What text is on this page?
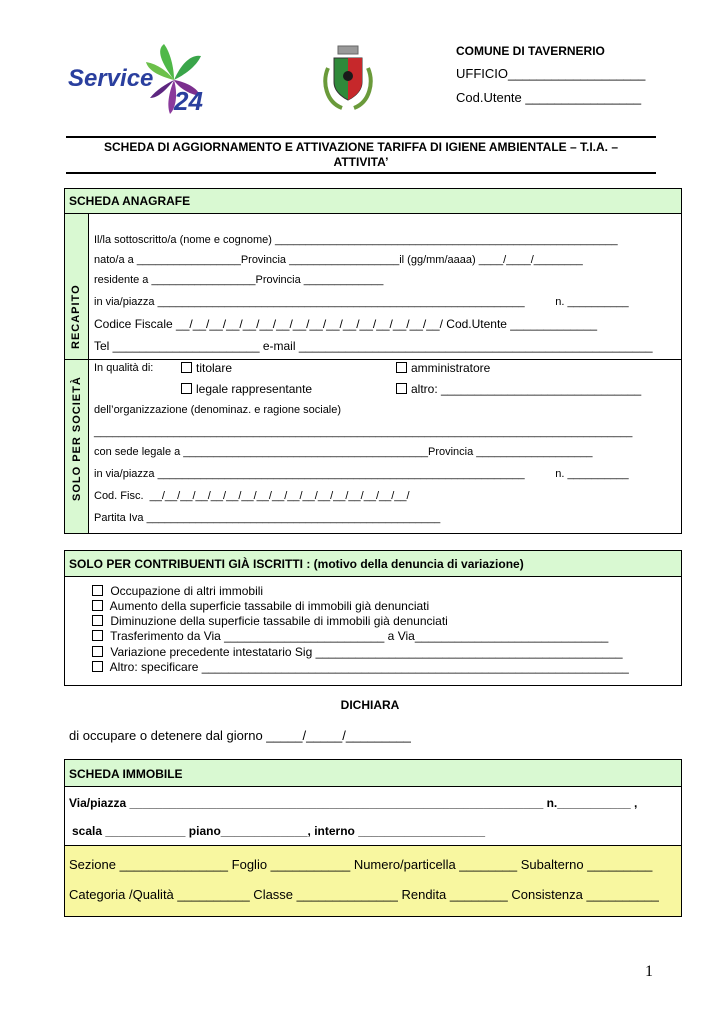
Service
24
COMUNE DI TAVERNERIO
UFFICIO___________________
Cod.Utente ________________
SCHEDA DI AGGIORNAMENTO E ATTIVAZIONE TARIFFA DI IGIENE AMBIENTALE – T.I.A. –
ATTIVITA’
SCHEDA ANAGRAFE
RECAPITO
SOLO PER SOCIETÀ
Il/la sottoscritto/a (nome e cognome) ________________________________________________________
nato/a a _________________Provincia __________________il (gg/mm/aaaa) ____/____/________
residente a _________________Provincia _____________
in via/piazza ____________________________________________________________          n. __________
Codice Fiscale __/__/__/__/__/__/__/__/__/__/__/__/__/__/__/__/ Cod.Utente _____________
Tel ______________________ e-mail _____________________________________________________
In qualità di:	titolare	amministratore
legale rappresentante	altro: ______________________________
dell’organizzazione (denominaz. e ragione sociale)
________________________________________________________________________________________
con sede legale a ________________________________________Provincia ___________________
in via/piazza ____________________________________________________________          n. __________
Cod. Fisc.  __/__/__/__/__/__/__/__/__/__/__/__/__/__/__/__/__/
Partita Iva ________________________________________________
SOLO PER CONTRIBUENTI GIÀ ISCRITTI : (motivo della denuncia di variazione)
Occupazione di altri immobili
Aumento della superficie tassabile di immobili già denunciati
Diminuzione della superficie tassabile di immobili già denunciati
Trasferimento da Via ________________________ a Via_____________________________
Variazione precedente intestatario Sig ______________________________________________
Altro: specificare ________________________________________________________________
DICHIARA
di occupare o detenere dal giorno _____/_____/_________
SCHEDA IMMOBILE
Via/piazza ______________________________________________________________ n.___________ ,
scala ____________ piano_____________, interno ___________________
Sezione _______________ Foglio ___________ Numero/particella ________ Subalterno _________
Categoria /Qualità __________ Classe ______________ Rendita ________ Consistenza __________
1
